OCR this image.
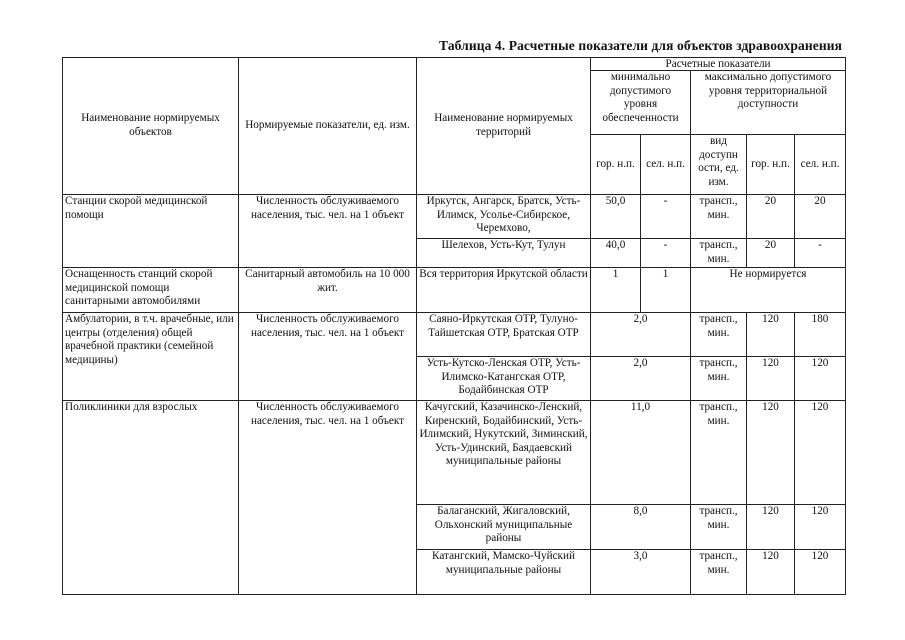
Таблица 4. Расчетные показатели для объектов здравоохранения
Наименование нормируемых объектов	Нормируемые показатели, ед. изм.	Наименование нормируемых территорий	Расчетные показатели				
			минимально допустимого уровня обеспеченности		максимально допустимого уровня территориальной доступности		
			гор. н.п.	сел. н.п.	вид доступн ости, ед. изм.	гор. н.п.	сел. н.п.
Станции скорой медицинской помощи	Численность обслуживаемого населения, тыс. чел. на 1 объект	Иркутск, Ангарск, Братск, Усть-Илимск, Усолье-Сибирское, Черемхово,	50,0	-	трансп., мин.	20	20
		Шелехов, Усть-Кут, Тулун	40,0	-	трансп., мин.	20	-
Оснащенность станций скорой медицинской помощи санитарными автомобилями	Санитарный автомобиль на 10 000 жит.	Вся территория Иркутской области	1	1	Не нормируется		
Амбулатории, в т.ч. врачебные, или центры (отделения) общей врачебной практики (семейной медицины)	Численность обслуживаемого населения, тыс. чел. на 1 объект	Саяно-Иркутская ОТР, Тулуно-Тайшетская ОТР, Братская ОТР	2,0		трансп., мин.	120	180
		Усть-Кутско-Ленская ОТР, Усть-Илимско-Катангская ОТР, Бодайбинская ОТР	2,0		трансп., мин.	120	120
Поликлиники для взрослых	Численность обслуживаемого населения, тыс. чел. на 1 объект	Качугский, Казачинско-Ленский, Киренский, Бодайбинский, Усть-Илимский, Нукутский, Зиминский, Усть-Удинский, Баядаевский муниципальные районы	11,0		трансп., мин.	120	120
		Балаганский, Жигаловский, Ольхонский муниципальные районы	8,0		трансп., мин.	120	120
		Катангский, Мамско-Чуйский муниципальные районы	3,0		трансп., мин.	120	120
